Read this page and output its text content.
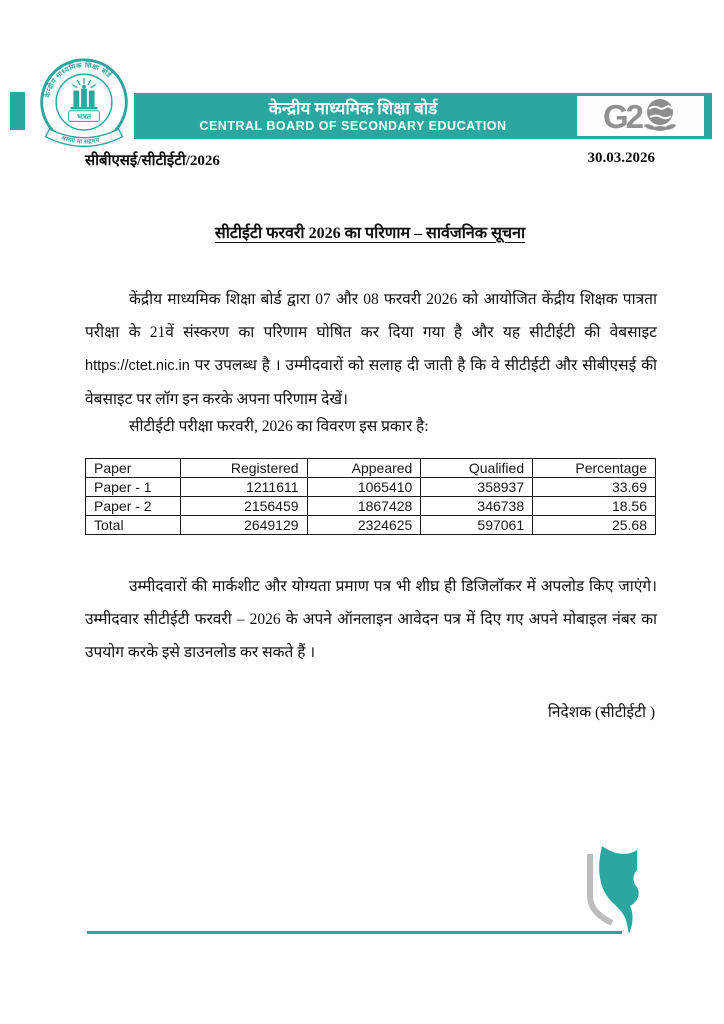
केन्द्रीय माध्यमिक शिक्षा बोर्ड
भारत
असतो मा सद्गमय
केन्द्रीय माध्यमिक शिक्षा बोर्ड
CENTRAL BOARD OF SECONDARY EDUCATION	G2
सीबीएसई/सीटीईटी/2026	30.03.2026
सीटीईटी फरवरी 2026 का परिणाम – सार्वजनिक सूचना
केंद्रीय माध्यमिक शिक्षा बोर्ड द्वारा 07 और 08 फरवरी 2026 को आयोजित केंद्रीय शिक्षक पात्रता परीक्षा के 21वें संस्करण का परिणाम घोषित कर दिया गया है और यह सीटीईटी की वेबसाइट https://ctet.nic.in पर उपलब्ध है । उम्मीदवारों को सलाह दी जाती है कि वे सीटीईटी और सीबीएसई की वेबसाइट पर लॉग इन करके अपना परिणाम देखें।
सीटीईटी परीक्षा फरवरी, 2026 का विवरण इस प्रकार है:
Paper	Registered	Appeared	Qualified	Percentage
Paper - 1	1211611	1065410	358937	33.69
Paper - 2	2156459	1867428	346738	18.56
Total	2649129	2324625	597061	25.68
उम्मीदवारों की मार्कशीट और योग्यता प्रमाण पत्र भी शीघ्र ही डिजिलॉकर में अपलोड किए जाएंगे। उम्मीदवार सीटीईटी फरवरी – 2026 के अपने ऑनलाइन आवेदन पत्र में दिए गए अपने मोबाइल नंबर का उपयोग करके इसे डाउनलोड कर सकते हैं ।
निदेशक (सीटीईटी )
